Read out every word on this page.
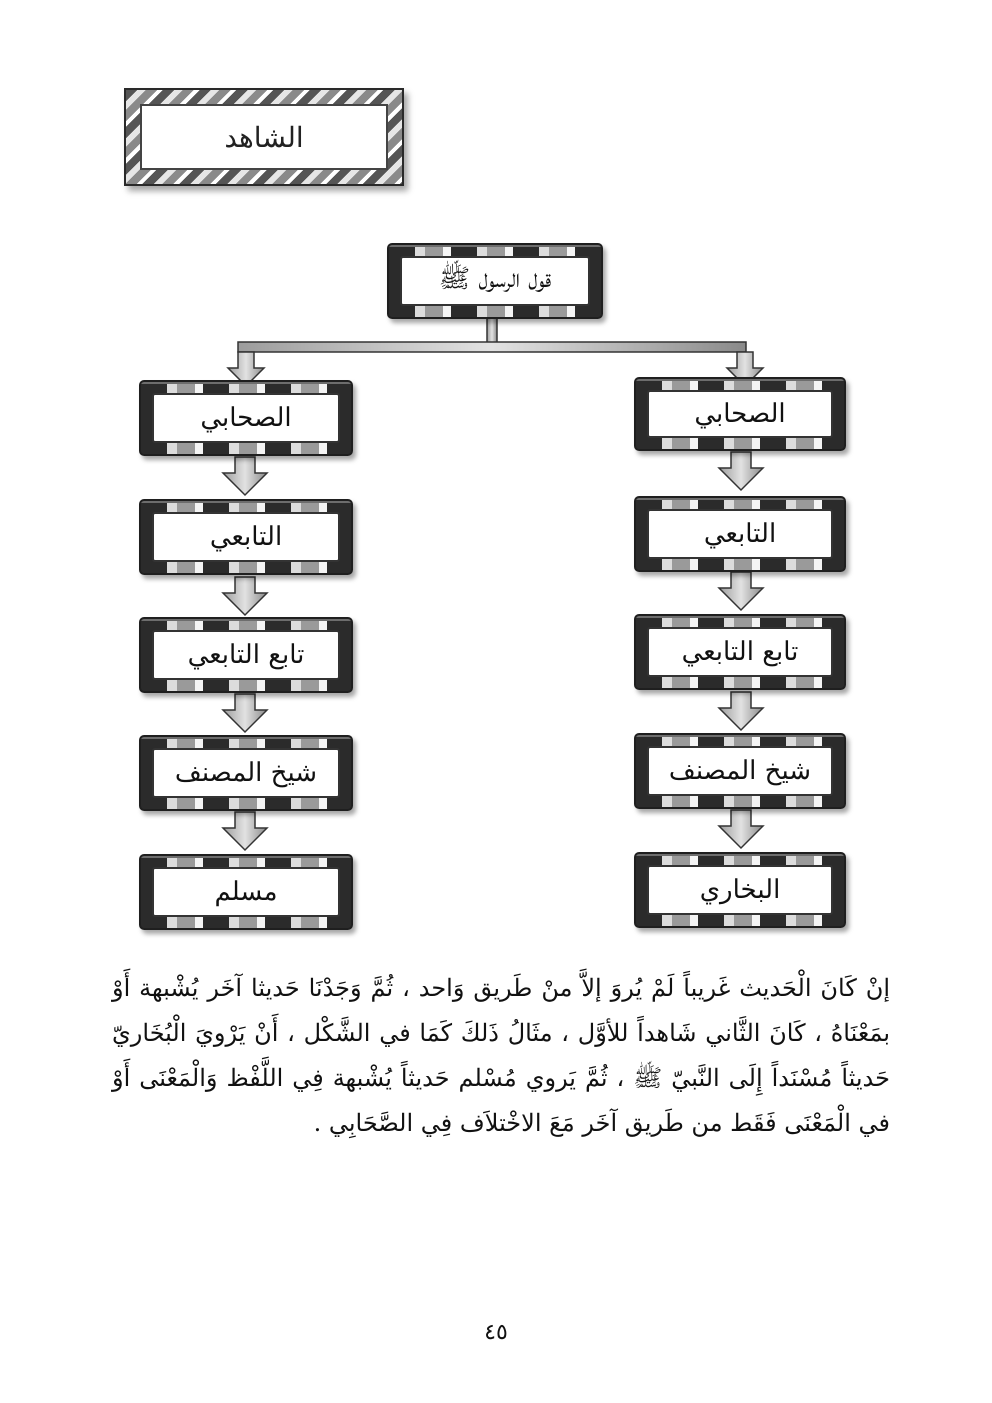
الشاهد
قول الرسول ﷺ
الصحابي
التابعي
تابع التابعي
شيخ المصنف
البخاري
الصحابي
التابعي
تابع التابعي
شيخ المصنف
مسلم
إنْ كَانَ الْحَديث غَريباً لَمْ يُروَ إلاَّ منْ طَريق وَاحد ، ثُمَّ وَجَدْنَا حَديثا آخَر يُشْبهة أَوْ بمَعْنَاهُ ، كَانَ الثَّاني شَاهداً للأوَّل ، مثَالُ ذَلكَ كَمَا في الشَّكْل ، أَنْ يَرْويَ الْبُخَاريّ حَديثاً مُسْنَداً إِلَى النَّبيّ ﷺ ، ثُمَّ يَروي مُسْلم حَديثاً يُشْبهة فِي اللَّفْظ وَالْمَعْنَى أَوْ في الْمَعْنَى فَقَط من طَريق آخَر مَعَ الاخْتلاَف فِي الصَّحَابِي .
٤٥
